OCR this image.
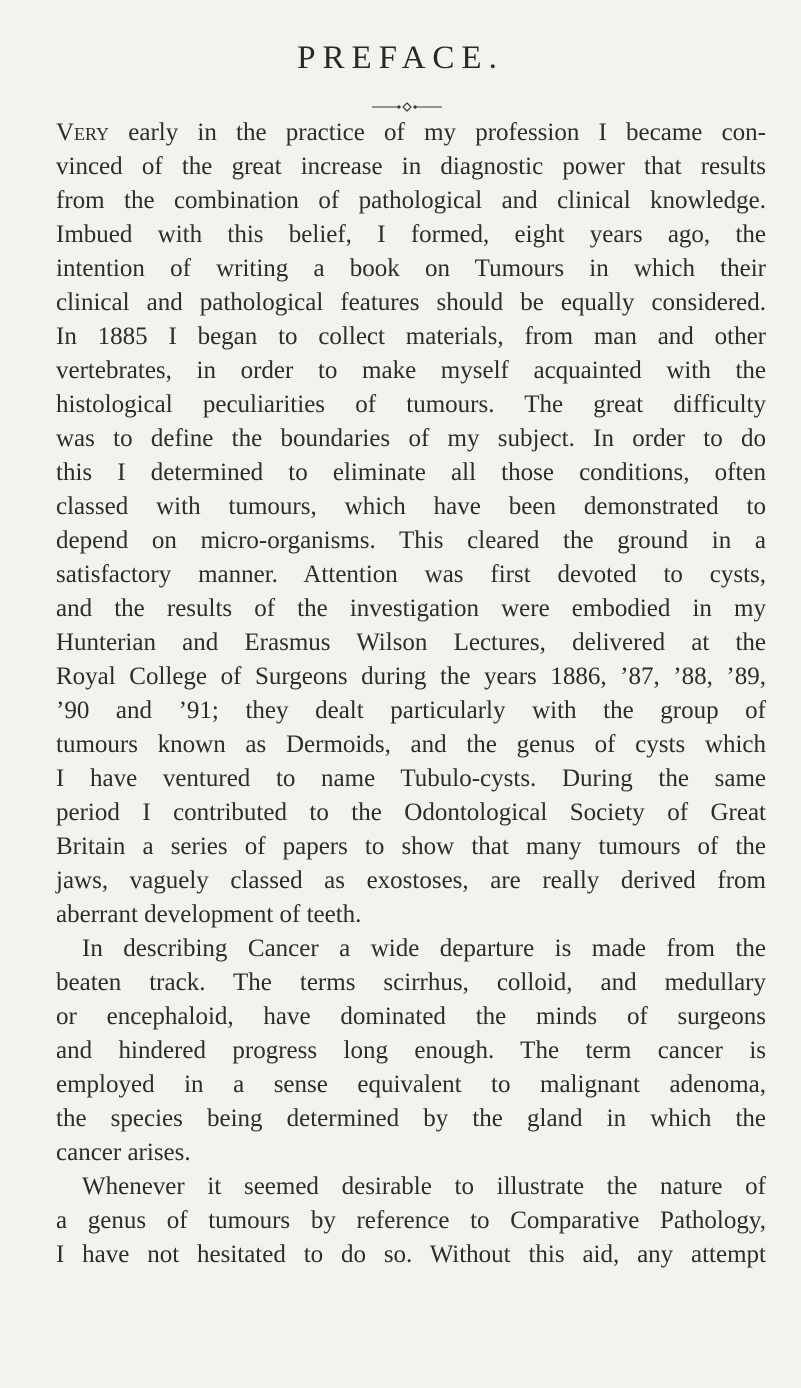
PREFACE.
Very early in the practice of my profession I became con-
vinced of the great increase in diagnostic power that results
from the combination of pathological and clinical knowledge.
Imbued with this belief, I formed, eight years ago, the
intention of writing a book on Tumours in which their
clinical and pathological features should be equally considered.
In 1885 I began to collect materials, from man and other
vertebrates, in order to make myself acquainted with the
histological peculiarities of tumours. The great difficulty
was to define the boundaries of my subject. In order to do
this I determined to eliminate all those conditions, often
classed with tumours, which have been demonstrated to
depend on micro-organisms. This cleared the ground in a
satisfactory manner. Attention was first devoted to cysts,
and the results of the investigation were embodied in my
Hunterian and Erasmus Wilson Lectures, delivered at the
Royal College of Surgeons during the years 1886, ’87, ’88, ’89,
’90 and ’91; they dealt particularly with the group of
tumours known as Dermoids, and the genus of cysts which
I have ventured to name Tubulo-cysts. During the same
period I contributed to the Odontological Society of Great
Britain a series of papers to show that many tumours of the
jaws, vaguely classed as exostoses, are really derived from
aberrant development of teeth.
In describing Cancer a wide departure is made from the
beaten track. The terms scirrhus, colloid, and medullary
or encephaloid, have dominated the minds of surgeons
and hindered progress long enough. The term cancer is
employed in a sense equivalent to malignant adenoma,
the species being determined by the gland in which the
cancer arises.
Whenever it seemed desirable to illustrate the nature of
a genus of tumours by reference to Comparative Pathology,
I have not hesitated to do so. Without this aid, any attempt
